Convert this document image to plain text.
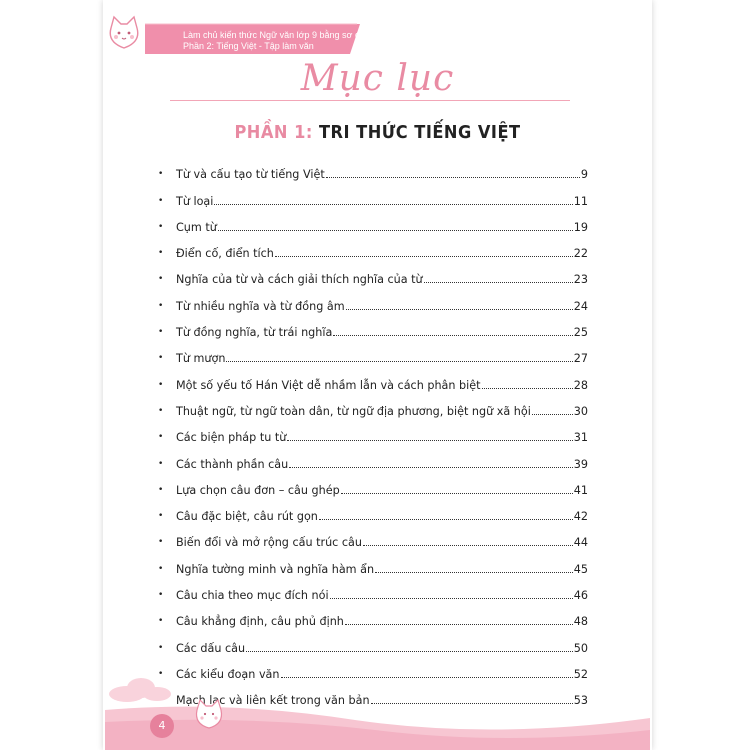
Làm chủ kiến thức Ngữ văn lớp 9 bằng sơ đồ tư duy
Phần 2: Tiếng Việt - Tập làm văn
Mục lục
PHẦN 1: TRI THỨC TIẾNG VIỆT
•	Từ và cấu tạo từ tiếng Việt	9
•	Từ loại	11
•	Cụm từ	19
•	Điển cố, điển tích	22
•	Nghĩa của từ và cách giải thích nghĩa của từ	23
•	Từ nhiều nghĩa và từ đồng âm	24
•	Từ đồng nghĩa, từ trái nghĩa	25
•	Từ mượn	27
•	Một số yếu tố Hán Việt dễ nhầm lẫn và cách phân biệt	28
•	Thuật ngữ, từ ngữ toàn dân, từ ngữ địa phương, biệt ngữ xã hội	30
•	Các biện pháp tu từ	31
•	Các thành phần câu	39
•	Lựa chọn câu đơn – câu ghép	41
•	Câu đặc biệt, câu rút gọn	42
•	Biến đổi và mở rộng cấu trúc câu	44
•	Nghĩa tường minh và nghĩa hàm ẩn	45
•	Câu chia theo mục đích nói	46
•	Câu khẳng định, câu phủ định	48
•	Các dấu câu	50
•	Các kiểu đoạn văn	52
Mạch lạc và liên kết trong văn bản	53
4
